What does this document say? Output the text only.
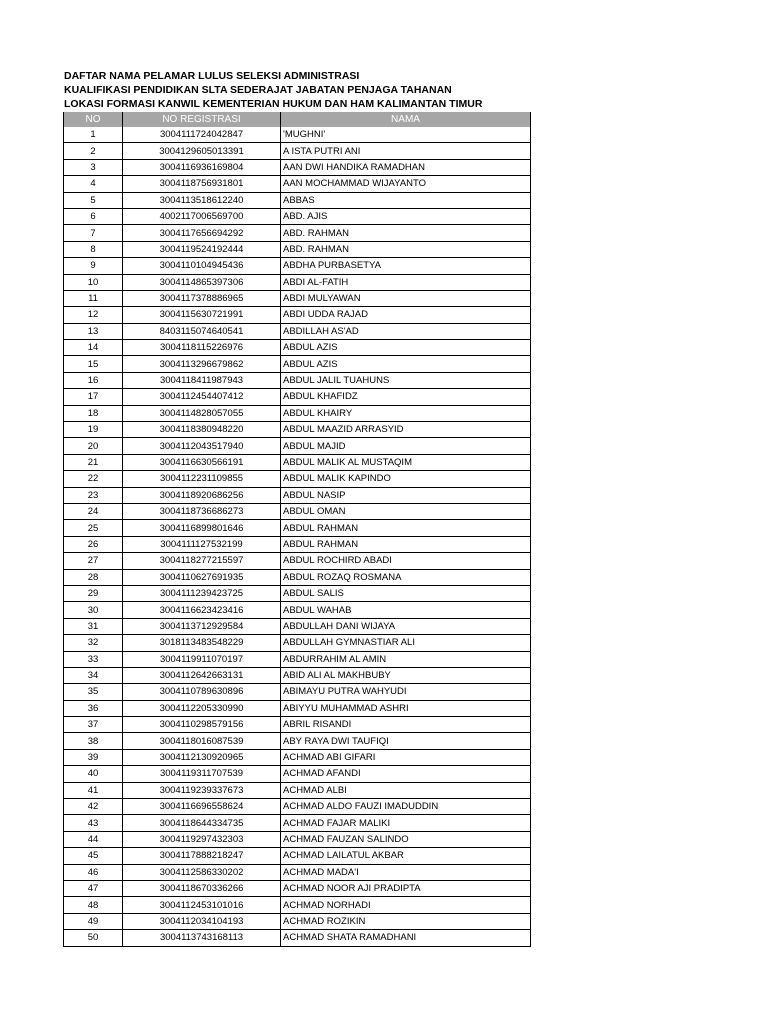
DAFTAR NAMA PELAMAR LULUS SELEKSI ADMINISTRASI
KUALIFIKASI PENDIDIKAN SLTA SEDERAJAT JABATAN PENJAGA TAHANAN
LOKASI FORMASI KANWIL KEMENTERIAN HUKUM DAN HAM KALIMANTAN TIMUR
NO	NO REGISTRASI	NAMA
1	3004111724042847	'MUGHNI'
2	3004129605013391	A ISTA PUTRI ANI
3	3004116936169804	AAN DWI HANDIKA RAMADHAN
4	3004118756931801	AAN MOCHAMMAD WIJAYANTO
5	3004113518612240	ABBAS
6	4002117006569700	ABD. AJIS
7	3004117656694292	ABD. RAHMAN
8	3004119524192444	ABD. RAHMAN
9	3004110104945436	ABDHA PURBASETYA
10	3004114865397306	ABDI AL-FATIH
11	3004117378886965	ABDI MULYAWAN
12	3004115630721991	ABDI UDDA RAJAD
13	8403115074640541	ABDILLAH AS'AD
14	3004118115226976	ABDUL AZIS
15	3004113296679862	ABDUL AZIS
16	3004118411987943	ABDUL JALIL TUAHUNS
17	3004112454407412	ABDUL KHAFIDZ
18	3004114828057055	ABDUL KHAIRY
19	3004118380948220	ABDUL MAAZID ARRASYID
20	3004112043517940	ABDUL MAJID
21	3004116630566191	ABDUL MALIK AL MUSTAQIM
22	3004112231109855	ABDUL MALIK KAPINDO
23	3004118920686256	ABDUL NASIP
24	3004118736686273	ABDUL OMAN
25	3004116899801646	ABDUL RAHMAN
26	3004111127532199	ABDUL RAHMAN
27	3004118277215597	ABDUL ROCHIRD ABADI
28	3004110627691935	ABDUL ROZAQ ROSMANA
29	3004111239423725	ABDUL SALIS
30	3004116623423416	ABDUL WAHAB
31	3004113712929584	ABDULLAH DANI WIJAYA
32	3018113483548229	ABDULLAH GYMNASTIAR ALI
33	3004119911070197	ABDURRAHIM AL AMIN
34	3004112642663131	ABID ALI AL MAKHBUBY
35	3004110789630896	ABIMAYU PUTRA WAHYUDI
36	3004112205330990	ABIYYU MUHAMMAD ASHRI
37	3004110298579156	ABRIL RISANDI
38	3004118016087539	ABY RAYA DWI TAUFIQI
39	3004112130920965	ACHMAD ABI GIFARI
40	3004119311707539	ACHMAD AFANDI
41	3004119239337673	ACHMAD ALBI
42	3004116696558624	ACHMAD ALDO FAUZI IMADUDDIN
43	3004118644334735	ACHMAD FAJAR MALIKI
44	3004119297432303	ACHMAD FAUZAN SALINDO
45	3004117888218247	ACHMAD LAILATUL AKBAR
46	3004112586330202	ACHMAD MADA'I
47	3004118670336266	ACHMAD NOOR AJI PRADIPTA
48	3004112453101016	ACHMAD NORHADI
49	3004112034104193	ACHMAD ROZIKIN
50	3004113743168113	ACHMAD SHATA RAMADHANI
